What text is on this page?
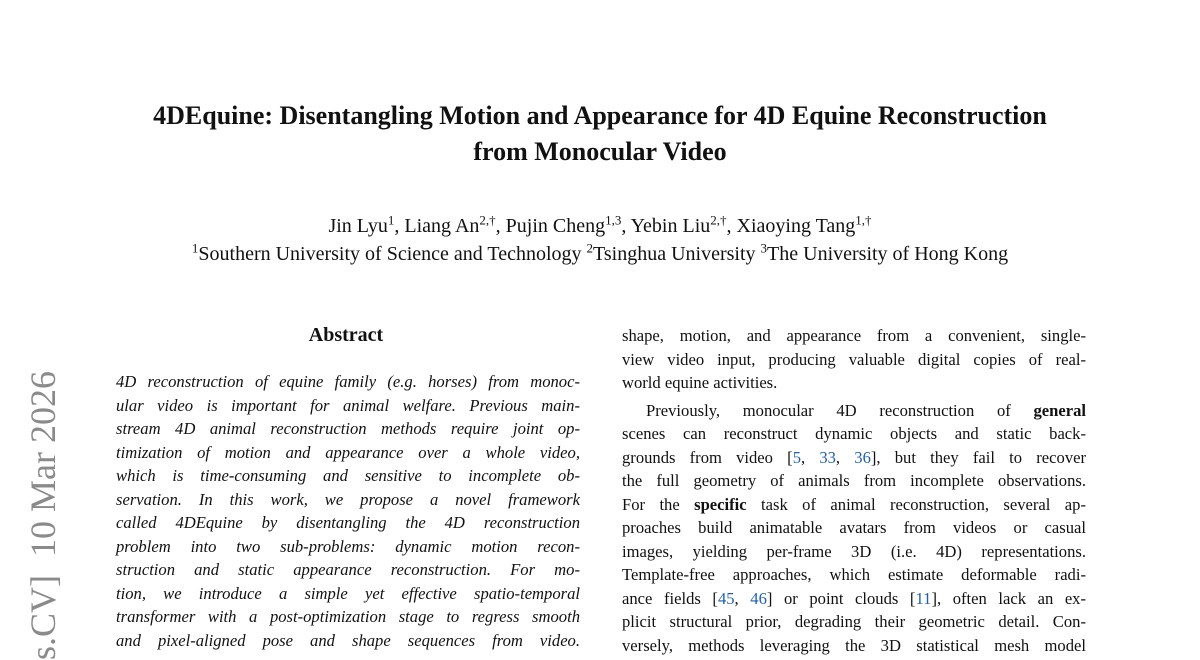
s.CV]10 Mar 2026
4DEquine: Disentangling Motion and Appearance for 4D Equine Reconstruction
from Monocular Video
Jin Lyu$^1$, Liang $An^{2,\dagger}$, Pujin Cheng$^{1,3}$, Yebin Liu$^{2,\dagger}$, Xiaoying Tang$^{1,\dagger}$
$^1$Southern University of Science and Technology $^2$Tsinghua University $^3$The University of Hong Kong
Abstract
4D reconstruction of equine family (e.g. horses) from monoc-
ular video is important for animal welfare. Previous main-
stream 4D animal reconstruction methods require joint op-
timization of motion and appearance over a whole video,
which is time-consuming and sensitive to incomplete ob-
servation. In this work, we propose a novel framework
called 4DEquine by disentangling the 4D reconstruction
problem into two sub-problems: dynamic motion recon-
struction and static appearance reconstruction. For mo-
tion, we introduce a simple yet effective spatio-temporal
transformer with a post-optimization stage to regress smooth
and pixel-aligned pose and shape sequences from video.
shape, motion, and appearance from a convenient, single-
view video input, producing valuable digital copies of real-
world equine activities.
Previously, monocular 4D reconstruction of general
scenes can reconstruct dynamic objects and static back-
grounds from video [5, 33, 36], but they fail to recover
the full geometry of animals from incomplete observations.
For the specific task of animal reconstruction, several ap-
proaches build animatable avatars from videos or casual
images, yielding per-frame 3D (i.e. 4D) representations.
Template-free approaches, which estimate deformable radi-
ance fields [45, 46] or point clouds [11], often lack an ex-
plicit structural prior, degrading their geometric detail. Con-
versely, methods leveraging the 3D statistical mesh model
